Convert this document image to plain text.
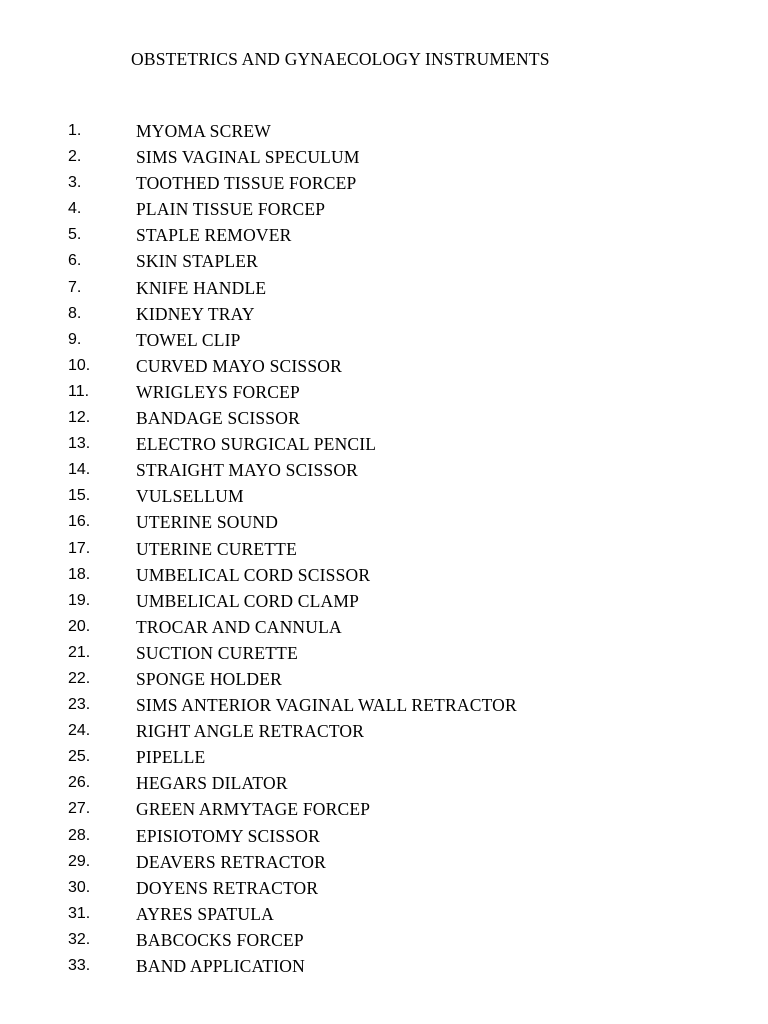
OBSTETRICS AND GYNAECOLOGY INSTRUMENTS
1.	MYOMA SCREW
2.	SIMS VAGINAL SPECULUM
3.	TOOTHED TISSUE FORCEP
4.	PLAIN TISSUE FORCEP
5.	STAPLE REMOVER
6.	SKIN STAPLER
7.	KNIFE HANDLE
8.	KIDNEY TRAY
9.	TOWEL CLIP
10.	CURVED MAYO SCISSOR
11.	WRIGLEYS FORCEP
12.	BANDAGE SCISSOR
13.	ELECTRO SURGICAL PENCIL
14.	STRAIGHT MAYO SCISSOR
15.	VULSELLUM
16.	UTERINE SOUND
17.	UTERINE CURETTE
18.	UMBELICAL CORD SCISSOR
19.	UMBELICAL CORD CLAMP
20.	TROCAR AND CANNULA
21.	SUCTION CURETTE
22.	SPONGE HOLDER
23.	SIMS ANTERIOR VAGINAL WALL RETRACTOR
24.	RIGHT ANGLE RETRACTOR
25.	PIPELLE
26.	HEGARS DILATOR
27.	GREEN ARMYTAGE FORCEP
28.	EPISIOTOMY SCISSOR
29.	DEAVERS RETRACTOR
30.	DOYENS RETRACTOR
31.	AYRES SPATULA
32.	BABCOCKS FORCEP
33.	BAND APPLICATION
